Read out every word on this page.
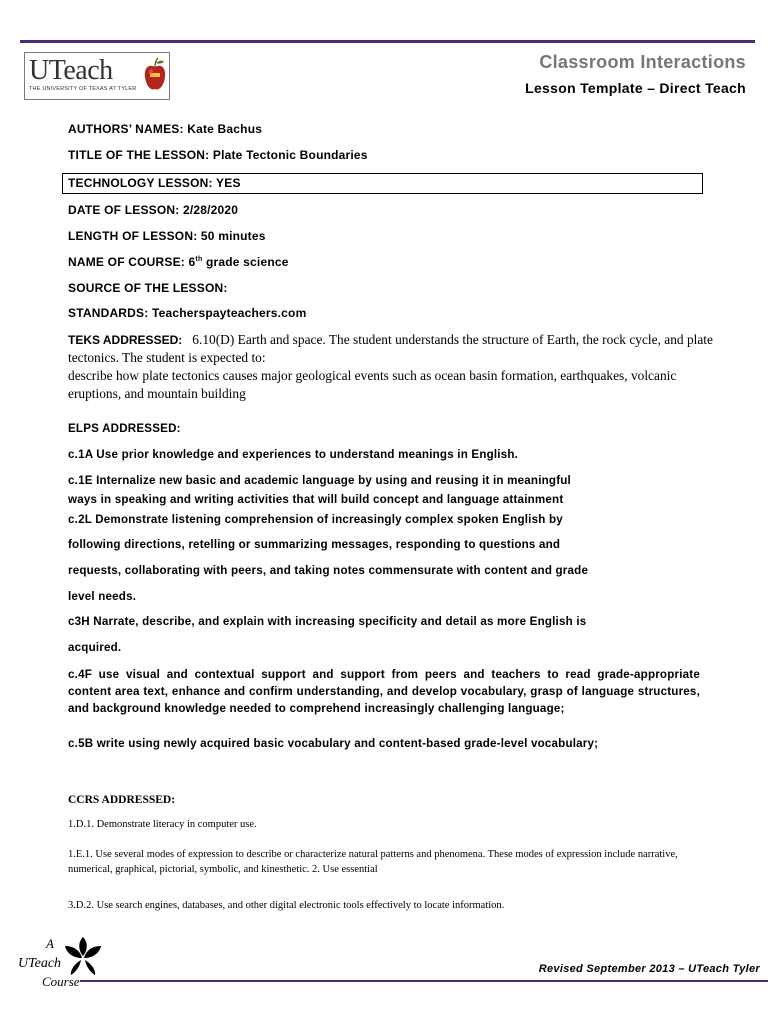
UTeach
THE UNIVERSITY OF TEXAS AT TYLER
Classroom Interactions
Lesson Template – Direct Teach
AUTHORS’ NAMES: Kate Bachus
TITLE OF THE LESSON: Plate Tectonic Boundaries
TECHNOLOGY LESSON: YES
DATE OF LESSON: 2/28/2020
LENGTH OF LESSON: 50 minutes
NAME OF COURSE: 6th grade science
SOURCE OF THE LESSON:
STANDARDS: Teacherspayteachers.com
TEKS ADDRESSED: 6.10(D) Earth and space. The student understands the structure of Earth, the rock cycle, and plate tectonics. The student is expected to:
describe how plate tectonics causes major geological events such as ocean basin formation, earthquakes, volcanic eruptions, and mountain building
ELPS ADDRESSED:
c.1A Use prior knowledge and experiences to understand meanings in English.
c.1E Internalize new basic and academic language by using and reusing it in meaningful
ways in speaking and writing activities that will build concept and language attainment
c.2L Demonstrate listening comprehension of increasingly complex spoken English by
following directions, retelling or summarizing messages, responding to questions and
requests, collaborating with peers, and taking notes commensurate with content and grade
level needs.
c3H Narrate, describe, and explain with increasing specificity and detail as more English is
acquired.
c.4F use visual and contextual support and support from peers and teachers to read grade-appropriate content area text, enhance and confirm understanding, and develop vocabulary, grasp of language structures, and background knowledge needed to comprehend increasingly challenging language;
c.5B write using newly acquired basic vocabulary and content-based grade-level vocabulary;
CCRS ADDRESSED:
1.D.1. Demonstrate literacy in computer use.
1.E.1. Use several modes of expression to describe or characterize natural patterns and phenomena. These modes of expression include narrative, numerical, graphical, pictorial, symbolic, and kinesthetic. 2. Use essential
3.D.2. Use search engines, databases, and other digital electronic tools effectively to locate information.
A
UTeach
Course
Revised September 2013 – UTeach Tyler
